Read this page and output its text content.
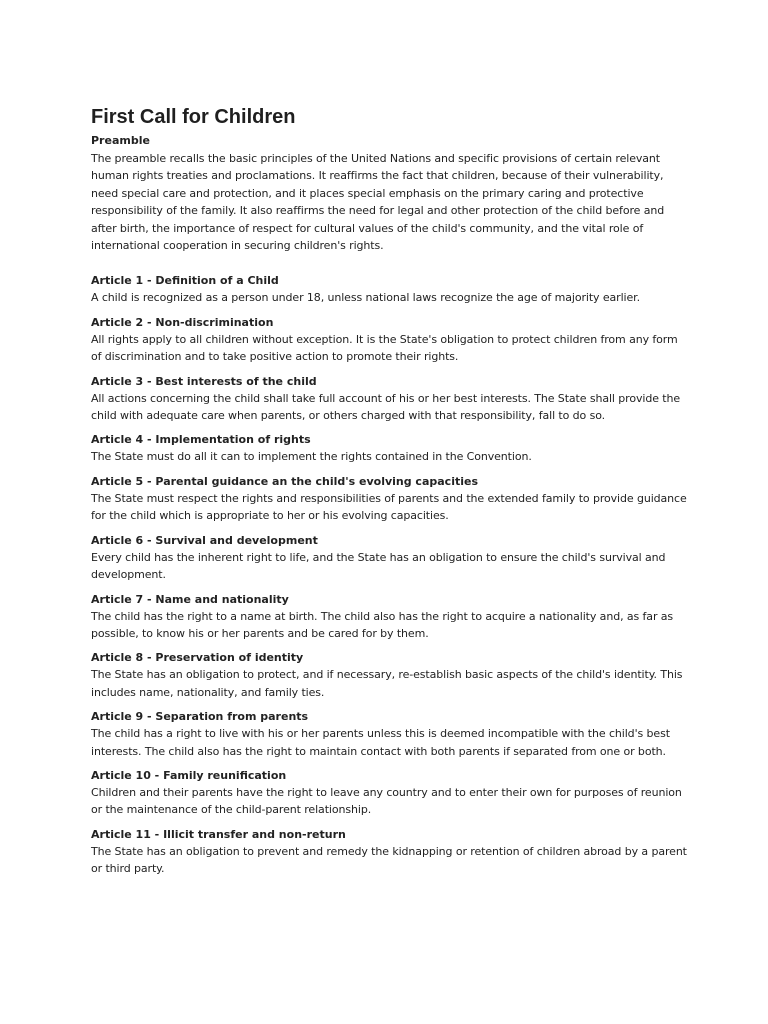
First Call for Children

Preamble

The preamble recalls the basic principles of the United Nations and specific provisions of certain relevant human rights treaties and proclamations. It reaffirms the fact that children, because of their vulnerability, need special care and protection, and it places special emphasis on the primary caring and protective responsibility of the family. It also reaffirms the need for legal and other protection of the child before and after birth, the importance of respect for cultural values of the child's community, and the vital role of international cooperation in securing children's rights.

Article 1 - Definition of a Child

A child is recognized as a person under 18, unless national laws recognize the age of majority earlier.

Article 2 - Non-discrimination

All rights apply to all children without exception. It is the State's obligation to protect children from any form of discrimination and to take positive action to promote their rights.

Article 3 - Best interests of the child

All actions concerning the child shall take full account of his or her best interests. The State shall provide the child with adequate care when parents, or others charged with that responsibility, fall to do so.

Article 4 - Implementation of rights

The State must do all it can to implement the rights contained in the Convention.

Article 5 - Parental guidance an the child's evolving capacities

The State must respect the rights and responsibilities of parents and the extended family to provide guidance for the child which is appropriate to her or his evolving capacities.

Article 6 - Survival and development

Every child has the inherent right to life, and the State has an obligation to ensure the child's survival and development.

Article 7 - Name and nationality

The child has the right to a name at birth. The child also has the right to acquire a nationality and, as far as possible, to know his or her parents and be cared for by them.

Article 8 - Preservation of identity

The State has an obligation to protect, and if necessary, re-establish basic aspects of the child's identity. This includes name, nationality, and family ties.

Article 9 - Separation from parents

The child has a right to live with his or her parents unless this is deemed incompatible with the child's best interests. The child also has the right to maintain contact with both parents if separated from one or both.

Article 10 - Family reunification

Children and their parents have the right to leave any country and to enter their own for purposes of reunion or the maintenance of the child-parent relationship.

Article 11 - Illicit transfer and non-return

The State has an obligation to prevent and remedy the kidnapping or retention of children abroad by a parent or third party.
